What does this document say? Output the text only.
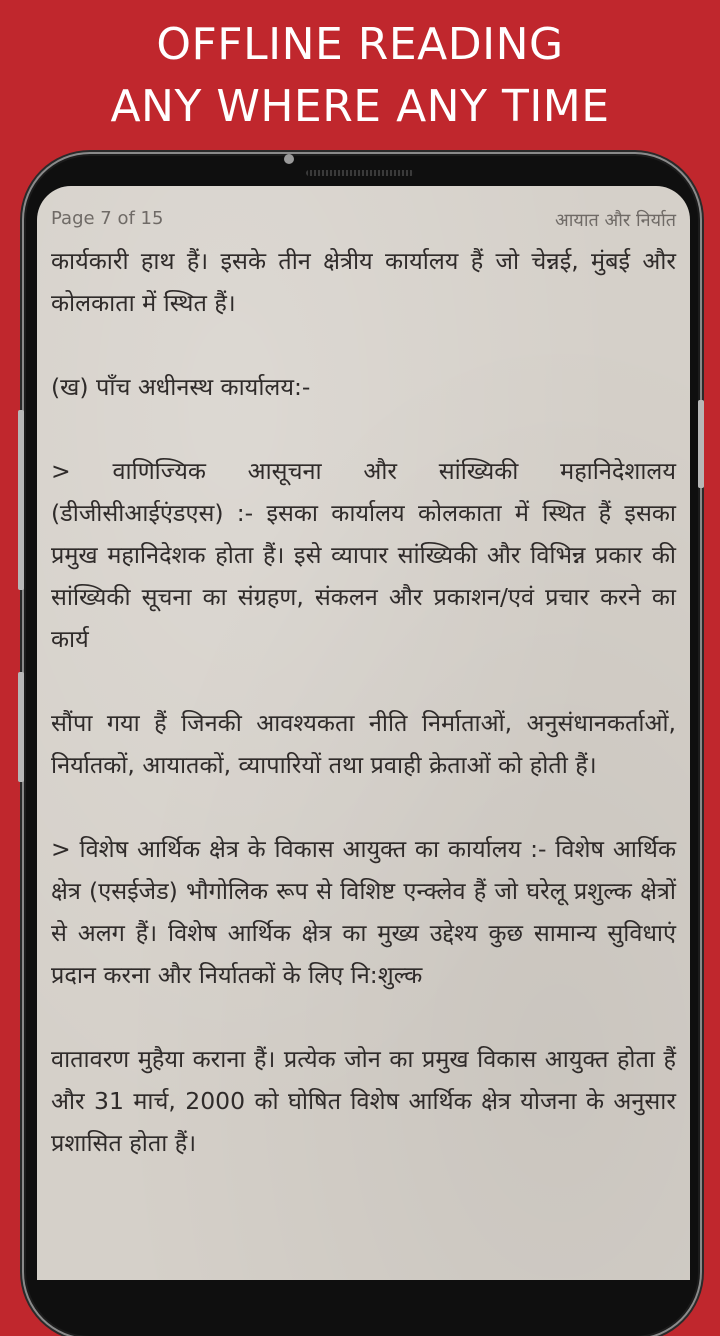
OFFLINE READING
ANY WHERE ANY TIME
Page 7 of 15	आयात और निर्यात

कार्यकारी हाथ हैं। इसके तीन क्षेत्रीय कार्यालय हैं जो चेन्नई, मुंबई और कोलकाता में स्थित हैं।

(ख) पाँच अधीनस्थ कार्यालय:-

> वाणिज्यिक आसूचना और सांख्यिकी महानिदेशालय (डीजीसीआईएंडएस) :- इसका कार्यालय कोलकाता में स्थित हैं इसका प्रमुख महानिदेशक होता हैं। इसे व्यापार सांख्यिकी और विभिन्न प्रकार की सांख्यिकी सूचना का संग्रहण, संकलन और प्रकाशन/एवं प्रचार करने का कार्य

सौंपा गया हैं जिनकी आवश्यकता नीति निर्माताओं, अनुसंधानकर्ताओं, निर्यातकों, आयातकों, व्यापारियों तथा प्रवाही क्रेताओं को होती हैं।

> विशेष आर्थिक क्षेत्र के विकास आयुक्त का कार्यालय :- विशेष आर्थिक क्षेत्र (एसईजेड) भौगोलिक रूप से विशिष्ट एन्क्लेव हैं जो घरेलू प्रशुल्क क्षेत्रों से अलग हैं। विशेष आर्थिक क्षेत्र का मुख्य उद्देश्य कुछ सामान्य सुविधाएं प्रदान करना और निर्यातकों के लिए नि:शुल्क

वातावरण मुहैया कराना हैं। प्रत्येक जोन का प्रमुख विकास आयुक्त होता हैं और 31 मार्च, 2000 को घोषित विशेष आर्थिक क्षेत्र योजना के अनुसार प्रशासित होता हैं।
